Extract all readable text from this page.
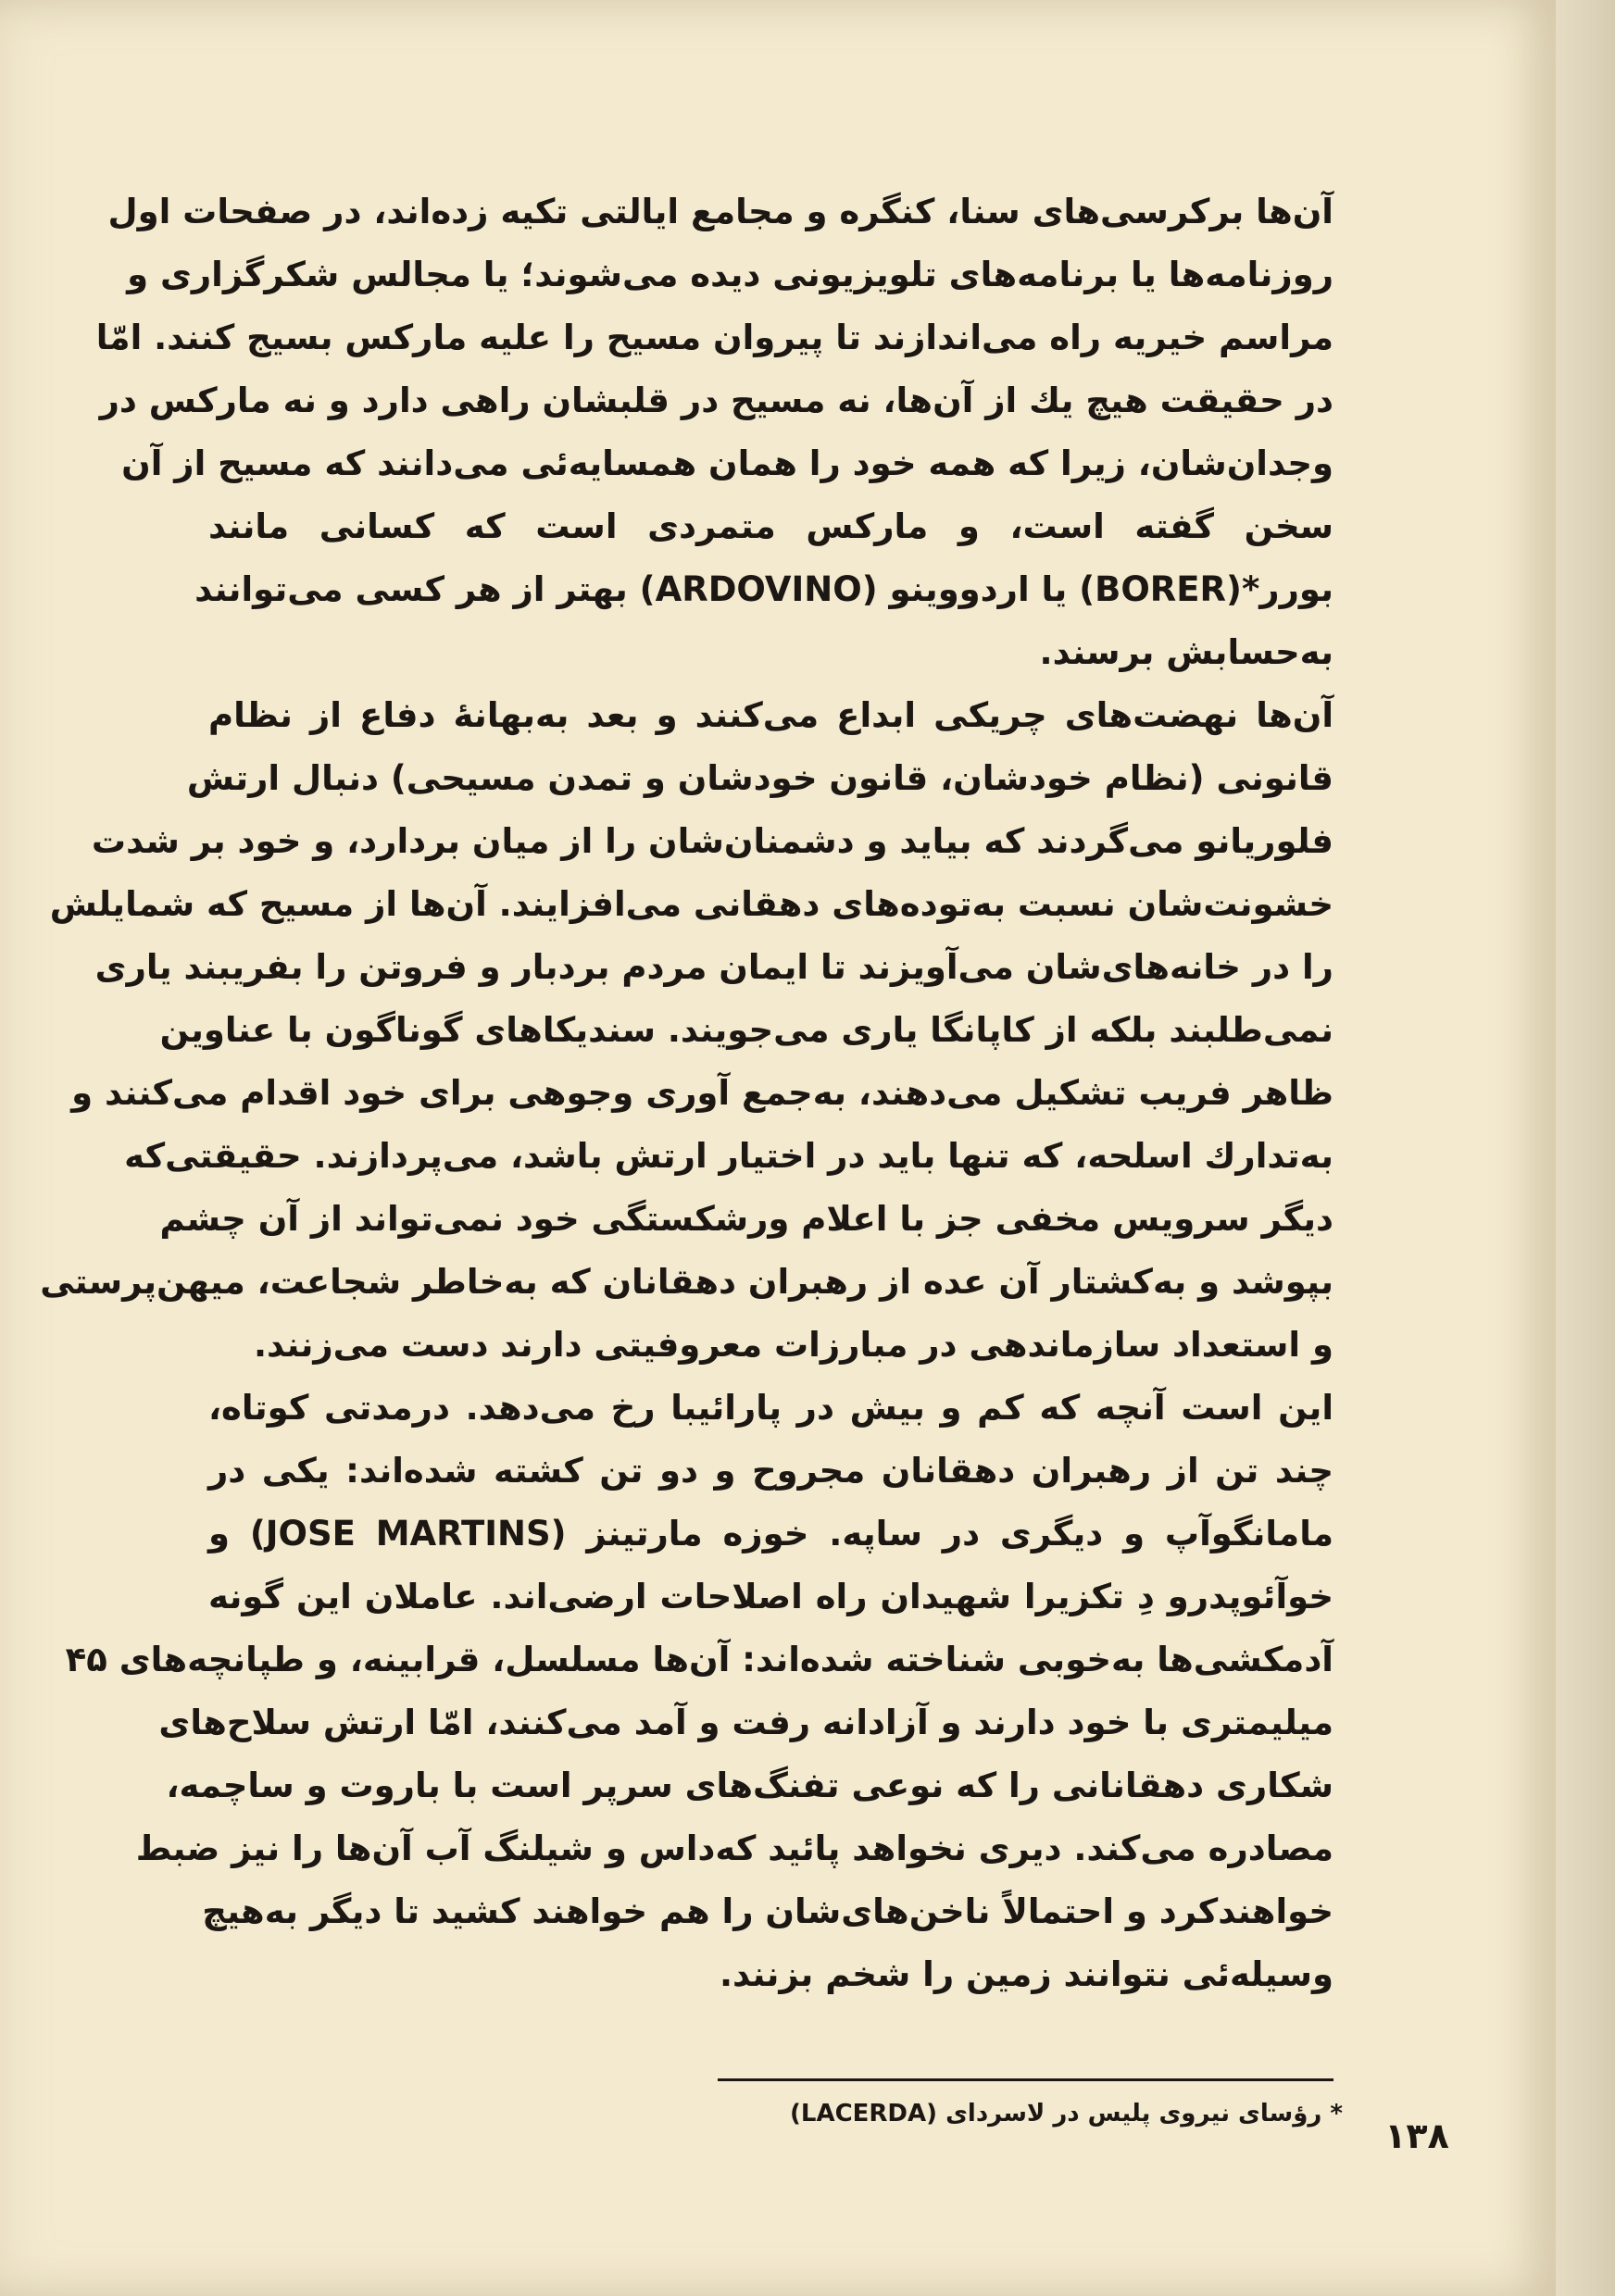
آن‌ها برکرسی‌های سنا، کنگره و مجامع ایالتی تکیه زده‌اند، در صفحات اول

روزنامه‌ها یا برنامه‌های تلویزیونی دیده می‌شوند؛ یا مجالس شکرگزاری و

مراسم خیریه راه می‌اندازند تا پیروان مسیح را علیه مارکس بسیج کنند. امّا

در حقیقت هیچ یك از آن‌ها، نه مسیح در قلبشان راهی دارد و نه مارکس در

وجدان‌شان، زیرا که همه خود را همان همسایه‌ئی می‌دانند که مسیح از آن

سخن گفته است، و مارکس متمردی است که کسانی مانند

بورر*(BORER) یا اردووینو (ARDOVINO) بهتر از هر کسی می‌توانند

به‌حسابش برسند.

آن‌ها نهضت‌های چریکی ابداع می‌کنند و بعد به‌بهانهٔ دفاع از نظام

قانونی (نظام خودشان، قانون خودشان و تمدن مسیحی) دنبال ارتش

فلوریانو می‌گردند که بیاید و دشمنان‌شان را از میان بردارد، و خود بر شدت

خشونت‌شان نسبت به‌توده‌های دهقانی می‌افزایند. آن‌ها از مسیح که شمایلش

را در خانه‌های‌شان می‌آویزند تا ایمان مردم بردبار و فروتن را بفریبند یاری

نمی‌طلبند بلکه از کاپانگا یاری می‌جویند. سندیکاهای گوناگون با عناوین

ظاهر فریب تشکیل می‌دهند، به‌جمع آوری وجوهی برای خود اقدام می‌کنند و

به‌تدارك اسلحه، که تنها باید در اختیار ارتش باشد، می‌پردازند. حقیقتی‌که

دیگر سرویس مخفی جز با اعلام ورشکستگی خود نمی‌تواند از آن چشم

بپوشد و به‌کشتار آن عده از رهبران دهقانان که به‌خاطر شجاعت، میهن‌پرستی

و استعداد سازماندهی در مبارزات معروفیتی دارند دست می‌زنند.

این است آنچه که کم و بیش در پارائیبا رخ می‌دهد. درمدتی کوتاه،

چند تن از رهبران دهقانان مجروح و دو تن کشته شده‌اند: یکی در

مامانگوآپ و دیگری در ساپه. خوزه مارتینز (JOSE MARTINS) و

خوآئوپدرو دِ تکزیرا شهیدان راه اصلاحات ارضی‌اند. عاملان این گونه

آدمکشی‌ها به‌خوبی شناخته شده‌اند: آن‌ها مسلسل، قرابینه، و طپانچه‌های ۴۵

میلیمتری با خود دارند و آزادانه رفت و آمد می‌کنند، امّا ارتش سلاح‌های

شکاری دهقانانی را که نوعی تفنگ‌های سرپر است با باروت و ساچمه،

مصادره می‌کند. دیری نخواهد پائید که‌داس و شیلنگ آب آن‌ها را نیز ضبط

خواهندکرد و احتمالاً ناخن‌های‌شان را هم خواهند کشید تا دیگر به‌هیچ

وسیله‌ئی نتوانند زمین را شخم بزنند.

* رؤسای نیروی پلیس در لاسردای (LACERDA)
۱۳۸
